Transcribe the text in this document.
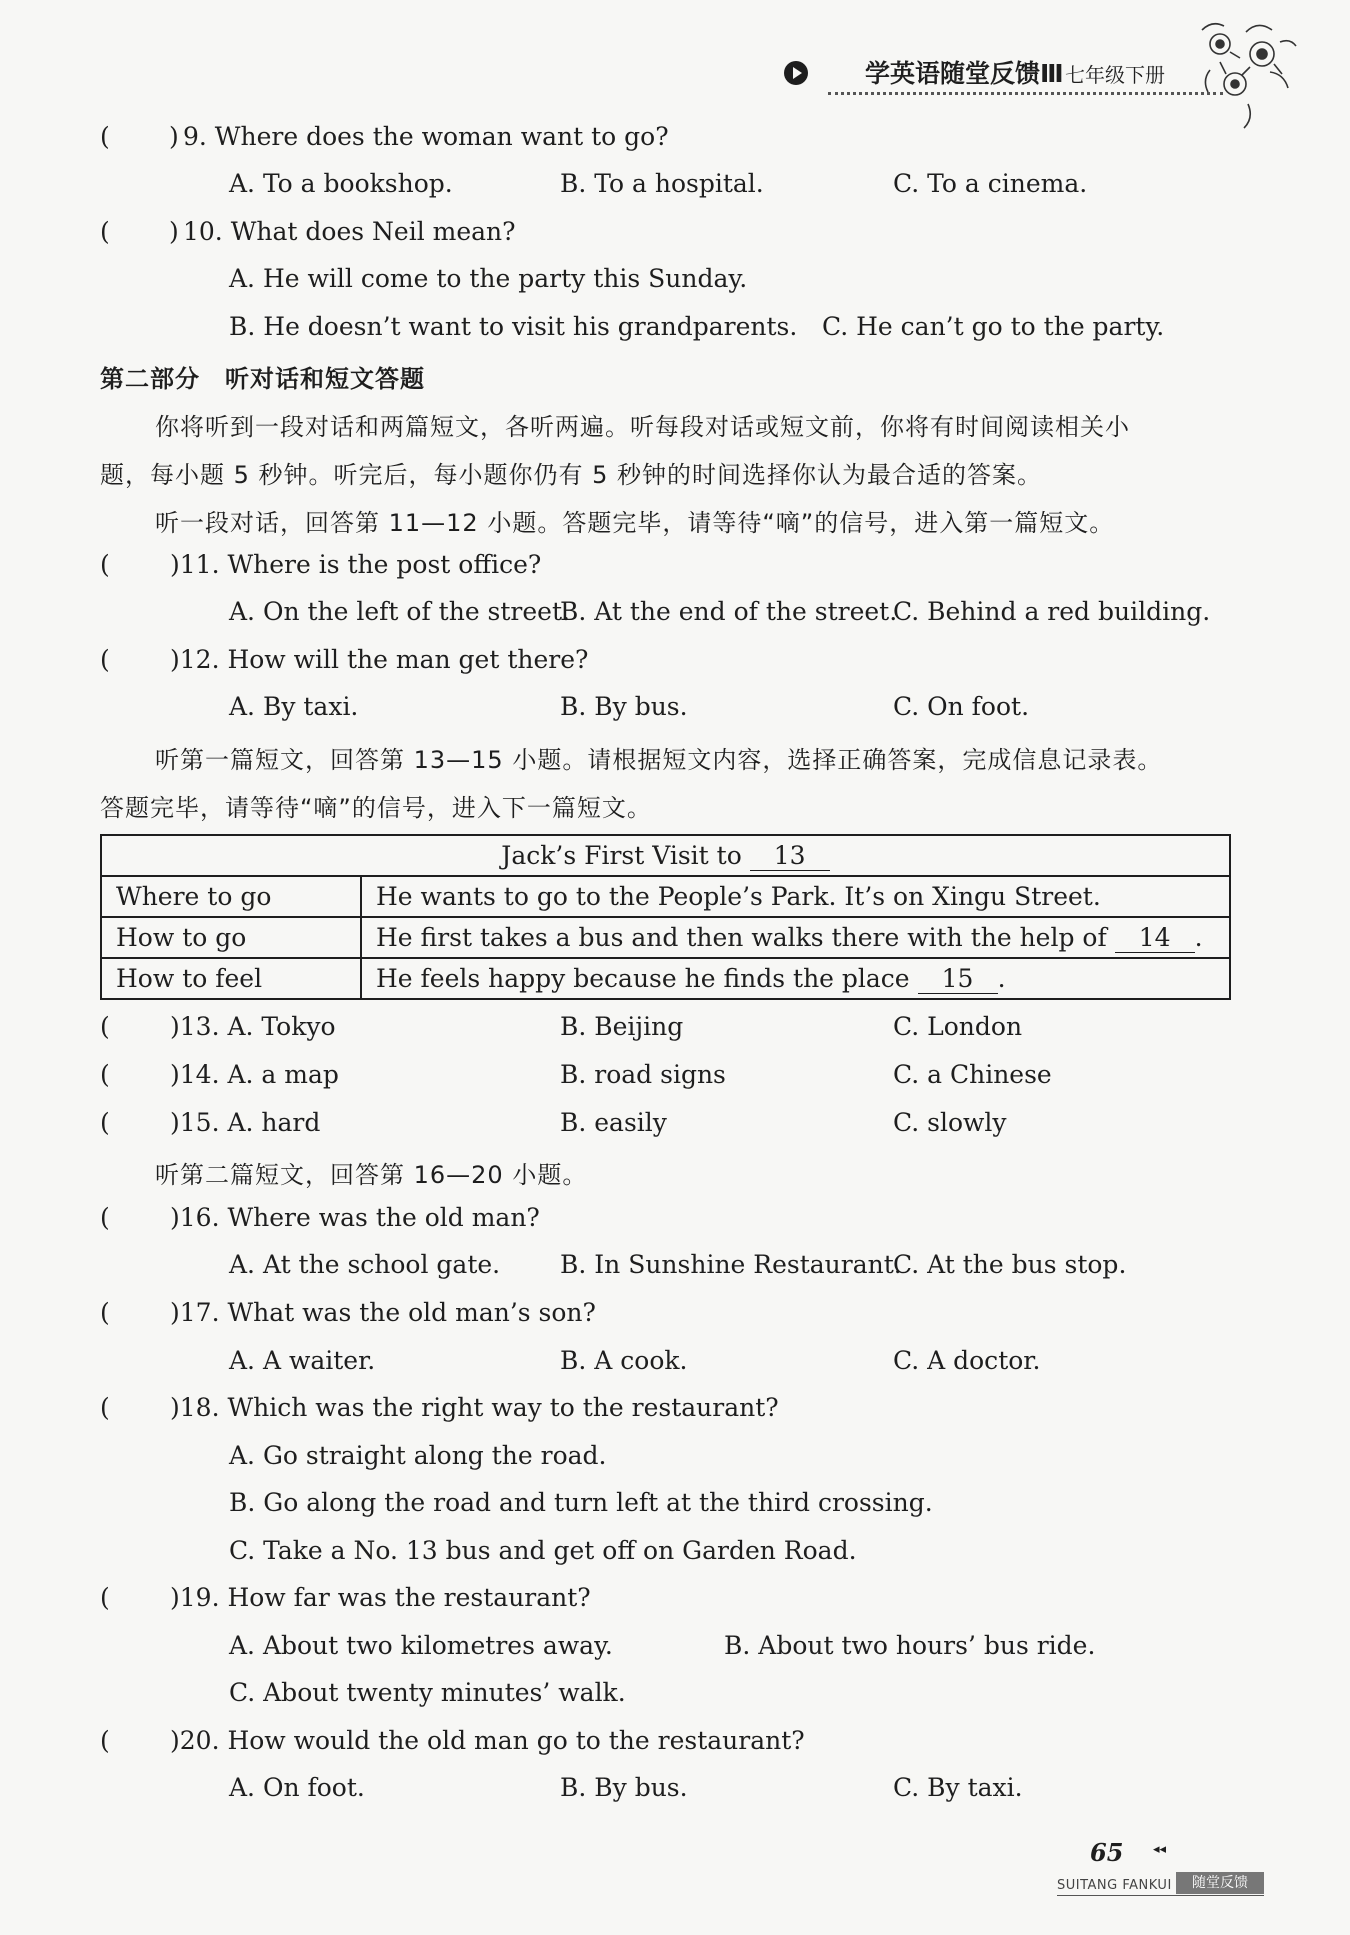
学英语随堂反馈Ⅲ 七年级下册
( ) 9. Where does the woman want to go?
A. To a bookshop.	B. To a hospital.	C. To a cinema.
( ) 10. What does Neil mean?
A. He will come to the party this Sunday.
B. He doesn’t want to visit his grandparents. C. He can’t go to the party.
第二部分　听对话和短文答题
你将听到一段对话和两篇短文，各听两遍。听每段对话或短文前，你将有时间阅读相关小
题，每小题 5 秒钟。听完后，每小题你仍有 5 秒钟的时间选择你认为最合适的答案。
听一段对话，回答第 11—12 小题。答题完毕，请等待“嘀”的信号，进入第一篇短文。
( )11. Where is the post office?
A. On the left of the street.
B. At the end of the street.
C. Behind a red building.
( )12. How will the man get there?
A. By taxi.	B. By bus.	C. On foot.
听第一篇短文，回答第 13—15 小题。请根据短文内容，选择正确答案，完成信息记录表。
答题完毕，请等待“嘀”的信号，进入下一篇短文。
Jack’s First Visit to 13	
Where to go	He wants to go to the People’s Park. It’s on Xingu Street.
How to go	He first takes a bus and then walks there with the help of 14 .
How to feel	He feels happy because he finds the place 15 .
( )13. A. Tokyo	B. Beijing	C. London
( )14. A. a map	B. road signs	C. a Chinese
( )15. A. hard	B. easily	C. slowly
听第二篇短文，回答第 16—20 小题。
( )16. Where was the old man?
A. At the school gate. B. In Sunshine Restaurant.
C. At the bus stop.
( )17. What was the old man’s son?
A. A waiter.	B. A cook.	C. A doctor.
( )18. Which was the right way to the restaurant?
A. Go straight along the road.
B. Go along the road and turn left at the third crossing.
C. Take a No. 13 bus and get off on Garden Road.
( )19. How far was the restaurant?
A. About two kilometres away.	B. About two hours’ bus ride.
C. About twenty minutes’ walk.
( )20. How would the old man go to the restaurant?
A. On foot.	B. By bus.	C. By taxi.
65 ◂◂
SUITANG FANKUI	随堂反馈
